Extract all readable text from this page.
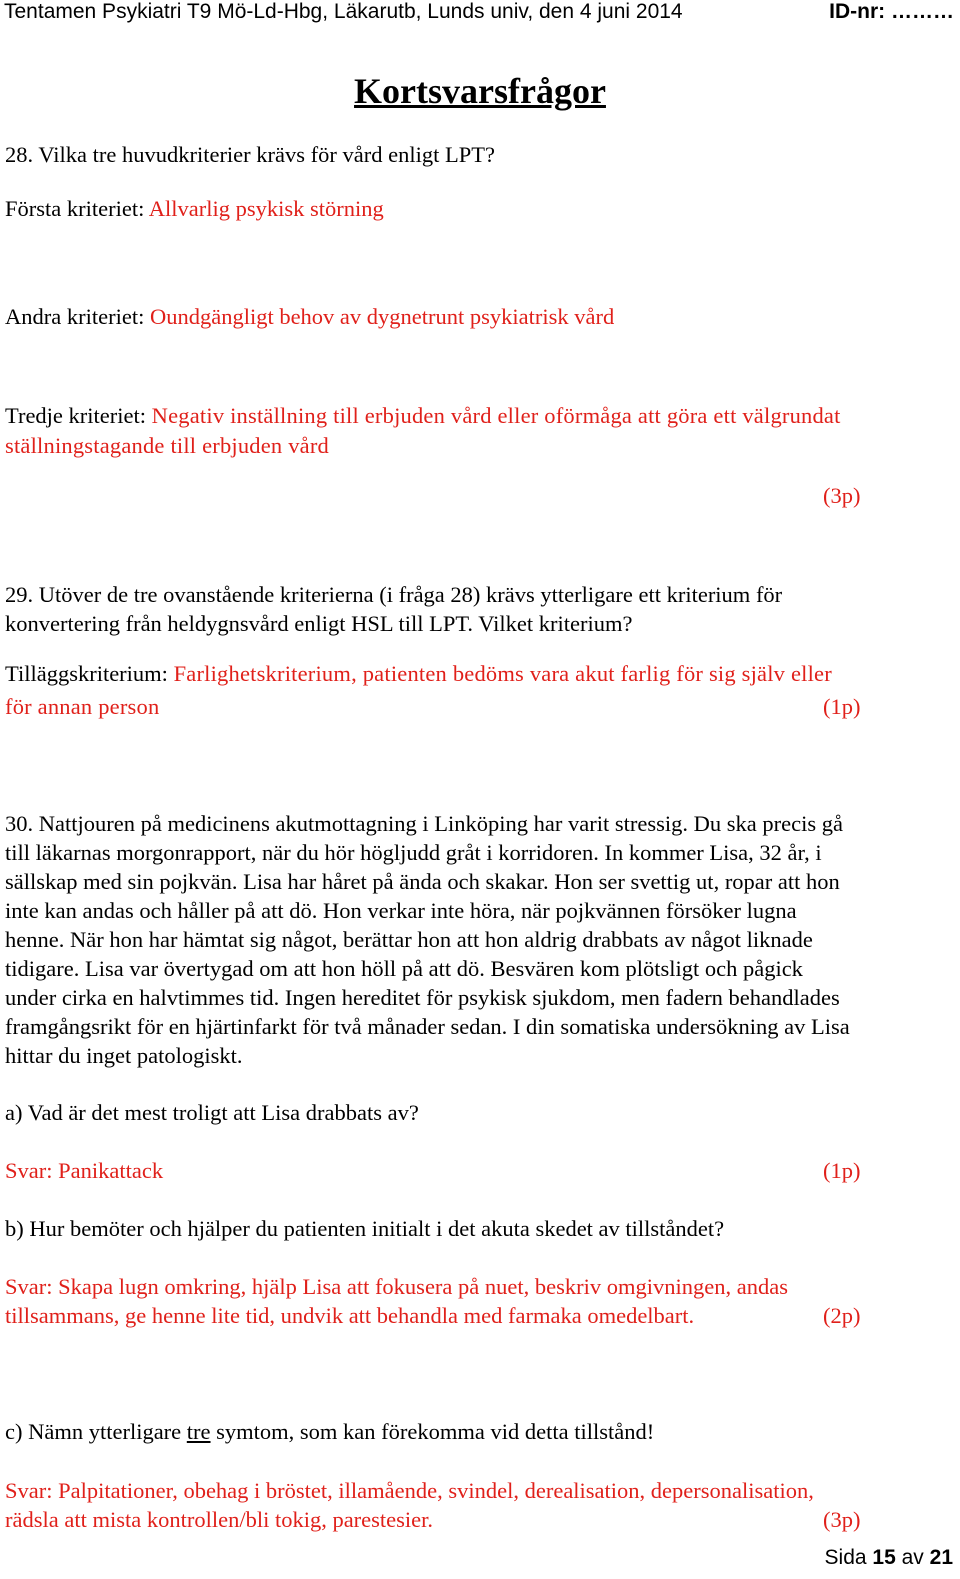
Tentamen Psykiatri T9 Mö-Ld-Hbg, Läkarutb, Lunds univ, den 4 juni 2014	ID-nr: ………
Kortsvarsfrågor
28. Vilka tre huvudkriterier krävs för vård enligt LPT?
Första kriteriet: Allvarlig psykisk störning
Andra kriteriet: Oundgängligt behov av dygnetrunt psykiatrisk vård
Tredje kriteriet: Negativ inställning till erbjuden vård eller oförmåga att göra ett välgrundat
ställningstagande till erbjuden vård
(3p)
29. Utöver de tre ovanstående kriterierna (i fråga 28) krävs ytterligare ett kriterium för
konvertering från heldygnsvård enligt HSL till LPT. Vilket kriterium?
Tilläggskriterium: Farlighetskriterium, patienten bedöms vara akut farlig för sig själv eller
för annan person	(1p)
30. Nattjouren på medicinens akutmottagning i Linköping har varit stressig. Du ska precis gå
till läkarnas morgonrapport, när du hör högljudd gråt i korridoren. In kommer Lisa, 32 år, i
sällskap med sin pojkvän. Lisa har håret på ända och skakar. Hon ser svettig ut, ropar att hon
inte kan andas och håller på att dö. Hon verkar inte höra, när pojkvännen försöker lugna
henne. När hon har hämtat sig något, berättar hon att hon aldrig drabbats av något liknade
tidigare. Lisa var övertygad om att hon höll på att dö. Besvären kom plötsligt och pågick
under cirka en halvtimmes tid. Ingen hereditet för psykisk sjukdom, men fadern behandlades
framgångsrikt för en hjärtinfarkt för två månader sedan. I din somatiska undersökning av Lisa
hittar du inget patologiskt.
a) Vad är det mest troligt att Lisa drabbats av?
Svar: Panikattack	(1p)
b) Hur bemöter och hjälper du patienten initialt i det akuta skedet av tillståndet?
Svar: Skapa lugn omkring, hjälp Lisa att fokusera på nuet, beskriv omgivningen, andas
tillsammans, ge henne lite tid, undvik att behandla med farmaka omedelbart.	(2p)
c) Nämn ytterligare tre symtom, som kan förekomma vid detta tillstånd!
Svar: Palpitationer, obehag i bröstet, illamående, svindel, derealisation, depersonalisation,
rädsla att mista kontrollen/bli tokig, parestesier.	(3p)
Sida 15 av 21
